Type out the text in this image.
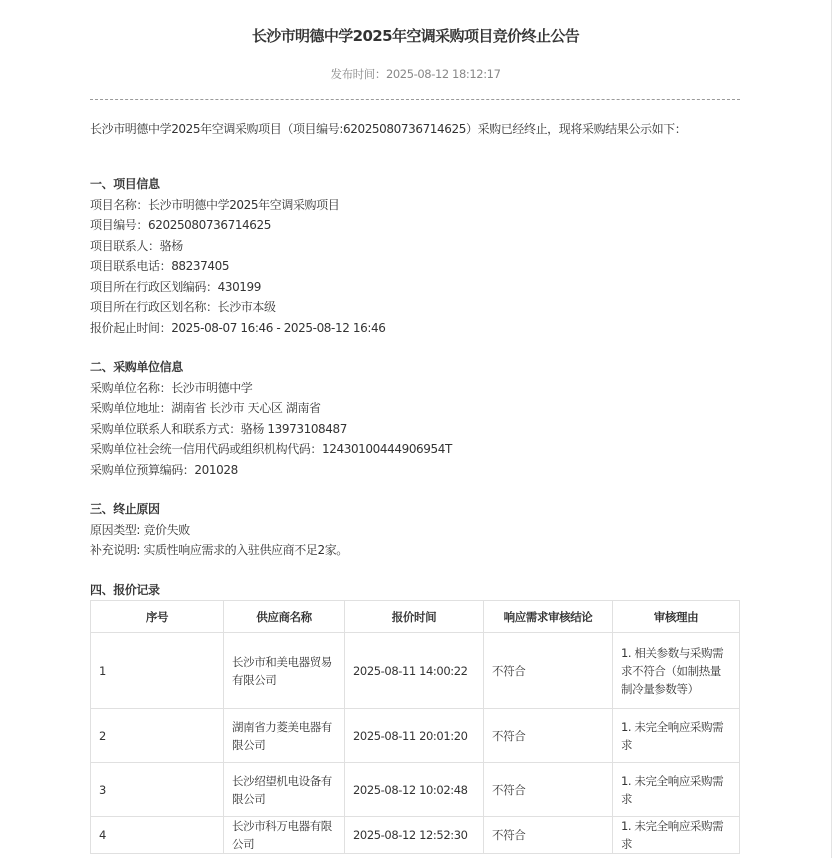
长沙市明德中学2025年空调采购项目竞价终止公告
发布时间：2025-08-12 18:12:17
长沙市明德中学2025年空调采购项目（项目编号:62025080736714625）采购已经终止，现将采购结果公示如下：
一、项目信息
项目名称：长沙市明德中学2025年空调采购项目
项目编号：62025080736714625
项目联系人：骆杨
项目联系电话：88237405
项目所在行政区划编码：430199
项目所在行政区划名称：长沙市本级
报价起止时间：2025-08-07 16:46 - 2025-08-12 16:46
二、采购单位信息
采购单位名称：长沙市明德中学
采购单位地址：湖南省 长沙市 天心区 湖南省
采购单位联系人和联系方式：骆杨 13973108487
采购单位社会统一信用代码或组织机构代码：12430100444906954T
采购单位预算编码：201028
三、终止原因
原因类型: 竞价失败
补充说明: 实质性响应需求的入驻供应商不足2家。
四、报价记录
序号	供应商名称	报价时间	响应需求审核结论	审核理由
1	长沙市和美电器贸易有限公司	2025-08-11 14:00:22	不符合	1. 相关参数与采购需求不符合（如制热量制冷量参数等）
2	湖南省力菱美电器有限公司	2025-08-11 20:01:20	不符合	1. 未完全响应采购需求
3	长沙绍望机电设备有限公司	2025-08-12 10:02:48	不符合	1. 未完全响应采购需求
4	长沙市科万电器有限公司	2025-08-12 12:52:30	不符合	1. 未完全响应采购需求
